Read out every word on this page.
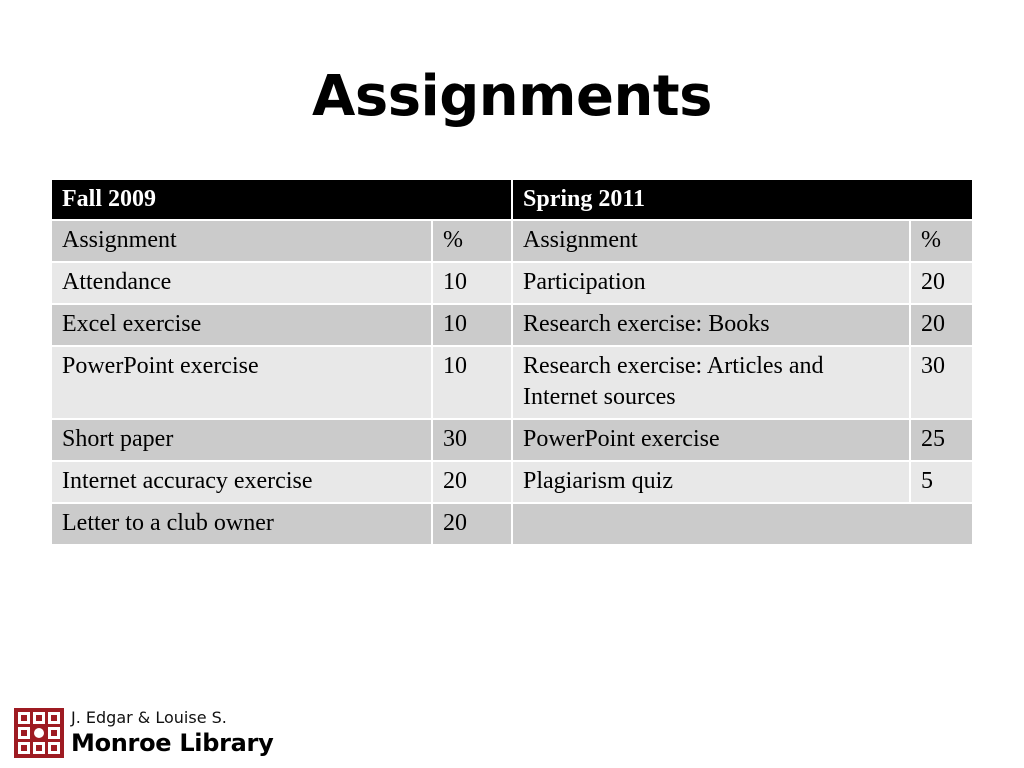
Assignments
Fall 2009		Spring 2011	
Assignment	%	Assignment	%
Attendance	10	Participation	20
Excel exercise	10	Research exercise: Books	20
PowerPoint exercise	10	Research exercise: Articles and Internet sources	30
Short paper	30	PowerPoint exercise	25
Internet accuracy exercise	20	Plagiarism quiz	5
Letter to a club owner	20		
J. Edgar & Louise S.
Monroe Library
